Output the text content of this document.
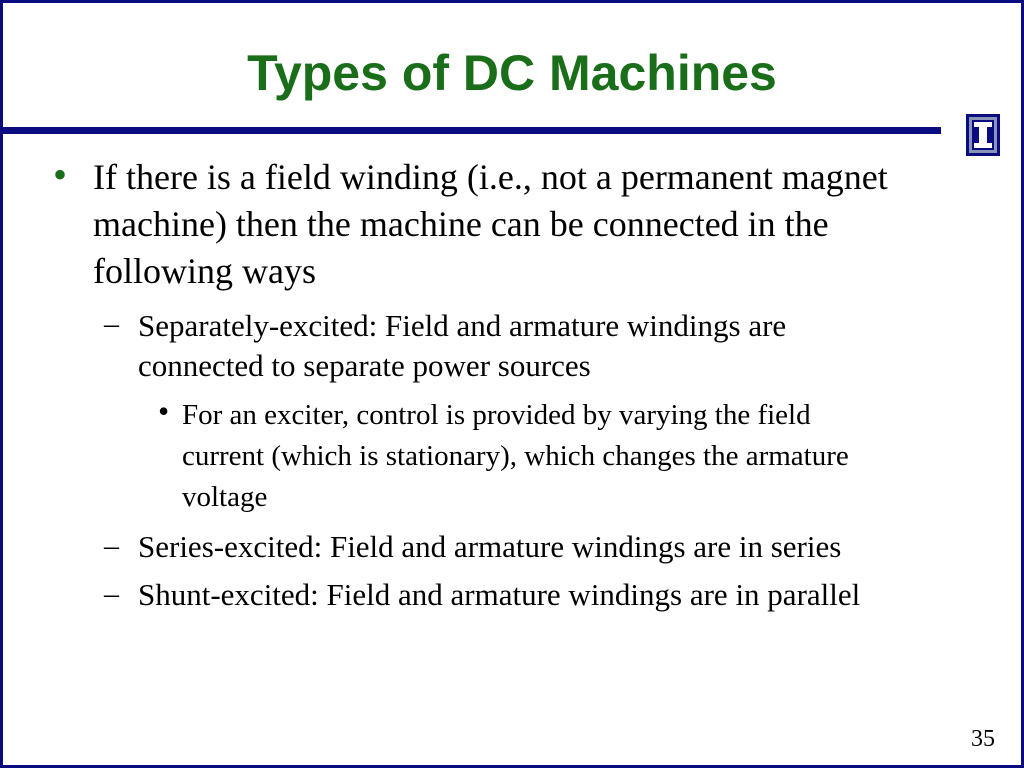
Types of DC Machines
• If there is a field winding (i.e., not a permanent magnet

machine) then the machine can be connected in the

following ways

– Separately-excited: Field and armature windings are

connected to separate power sources

• For an exciter, control is provided by varying the field

current (which is stationary), which changes the armature

voltage

– Series-excited: Field and armature windings are in series

– Shunt-excited: Field and armature windings are in parallel

35
